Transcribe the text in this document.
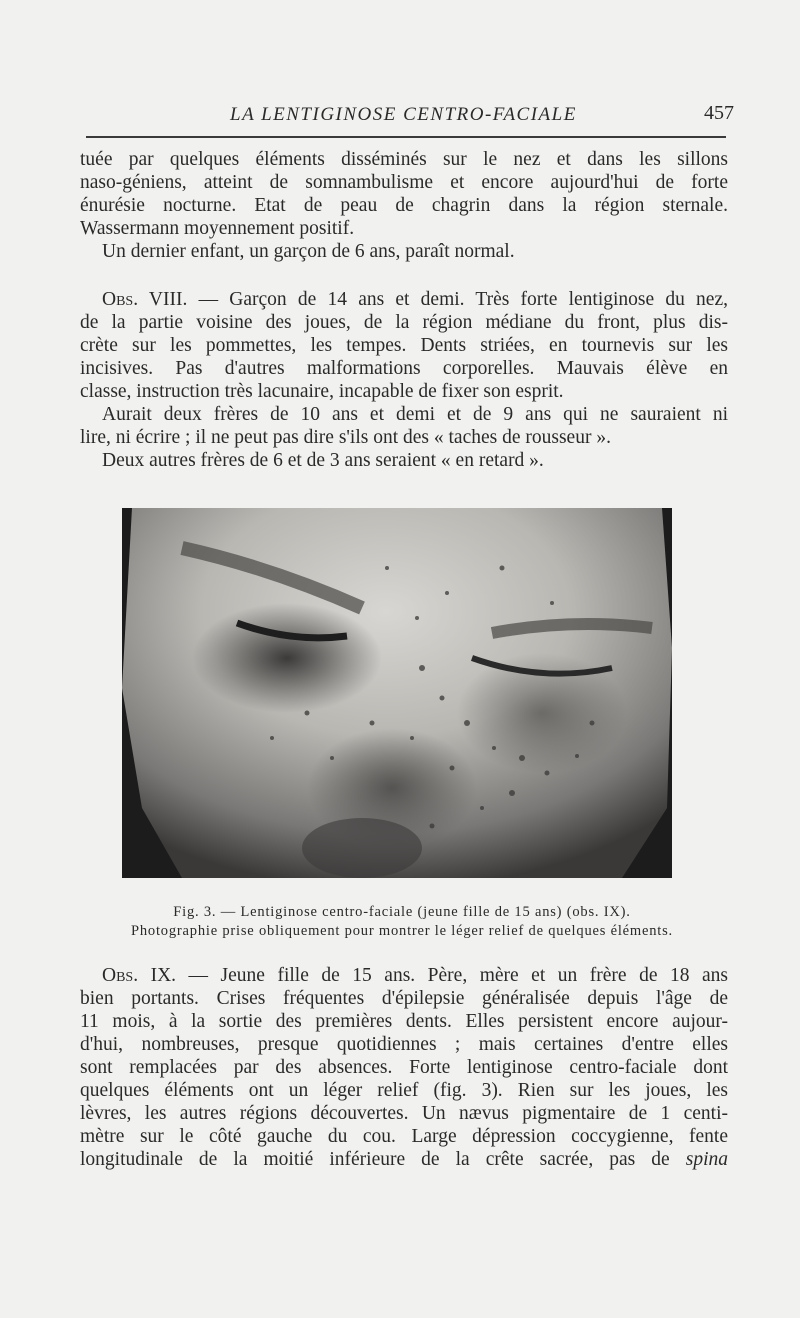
LA LENTIGINOSE CENTRO-FACIALE	457
tuée par quelques éléments disséminés sur le nez et dans les sillons
naso-géniens, atteint de somnambulisme et encore aujourd'hui de forte
énurésie nocturne. Etat de peau de chagrin dans la région sternale.
Wassermann moyennement positif.
Un dernier enfant, un garçon de 6 ans, paraît normal.
Obs. VIII. — Garçon de 14 ans et demi. Très forte lentiginose du nez,
de la partie voisine des joues, de la région médiane du front, plus dis-
crète sur les pommettes, les tempes. Dents striées, en tournevis sur les
incisives. Pas d'autres malformations corporelles. Mauvais élève en
classe, instruction très lacunaire, incapable de fixer son esprit.
Aurait deux frères de 10 ans et demi et de 9 ans qui ne sauraient ni
lire, ni écrire ; il ne peut pas dire s'ils ont des « taches de rousseur ».
Deux autres frères de 6 et de 3 ans seraient « en retard ».
Fig. 3. — Lentiginose centro-faciale (jeune fille de 15 ans) (obs. IX).
Photographie prise obliquement pour montrer le léger relief de quelques éléments.
Obs. IX. — Jeune fille de 15 ans. Père, mère et un frère de 18 ans
bien portants. Crises fréquentes d'épilepsie généralisée depuis l'âge de
11 mois, à la sortie des premières dents. Elles persistent encore aujour-
d'hui, nombreuses, presque quotidiennes ; mais certaines d'entre elles
sont remplacées par des absences. Forte lentiginose centro-faciale dont
quelques éléments ont un léger relief (fig. 3). Rien sur les joues, les
lèvres, les autres régions découvertes. Un nævus pigmentaire de 1 centi-
mètre sur le côté gauche du cou. Large dépression coccygienne, fente
longitudinale de la moitié inférieure de la crête sacrée, pas de spina
